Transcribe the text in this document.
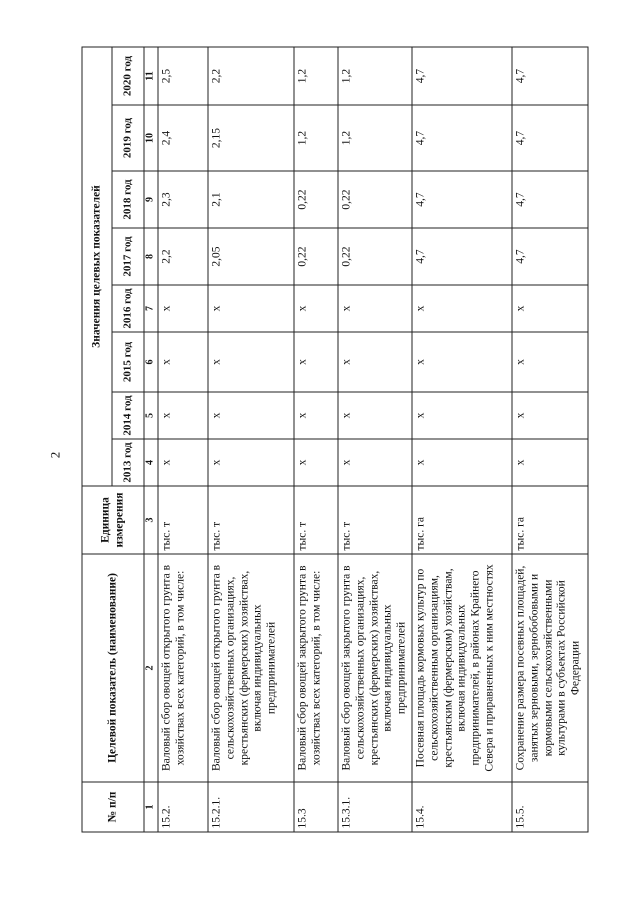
2
№ п/п	Целевой показатель (наименование)	Единица измерения	Значения целевых показателей							
			2013 год	2014 год	2015 год	2016 год	2017 год	2018 год	2019 год	2020 год
1	2	3	4	5	6	7	8	9	10	11
15.2.	Валовый сбор овощей открытого грунта в хозяйствах всех категорий, в том числе:	тыс. т	x	x	x	x	2,2	2,3	2,4	2,5
15.2.1.	Валовый сбор овощей открытого грунта в сельскохозяйственных организациях, крестьянских (фермерских) хозяйствах, включая индивидуальных предпринимателей	тыс. т	x	x	x	x	2,05	2,1	2,15	2,2
15.3	Валовый сбор овощей закрытого грунта в хозяйствах всех категорий, в том числе:	тыс. т	x	x	x	x	0,22	0,22	1,2	1,2
15.3.1.	Валовый сбор овощей закрытого грунта в сельскохозяйственных организациях, крестьянских (фермерских) хозяйствах, включая индивидуальных предпринимателей	тыс. т	x	x	x	x	0,22	0,22	1,2	1,2
15.4.	Посевная площадь кормовых культур по сельскохозяйственным организациям, крестьянским (фермерским) хозяйствам, включая индивидуальных предпринимателей, в районах Крайнего Севера и приравненных к ним местностях	тыс. га	x	x	x	x	4,7	4,7	4,7	4,7
15.5.	Сохранение размера посевных площадей, занятых зерновыми, зернобобовыми и кормовыми сельскохозяйственными культурами в субъектах Российской Федерации	тыс. га	x	x	x	x	4,7	4,7	4,7	4,7
